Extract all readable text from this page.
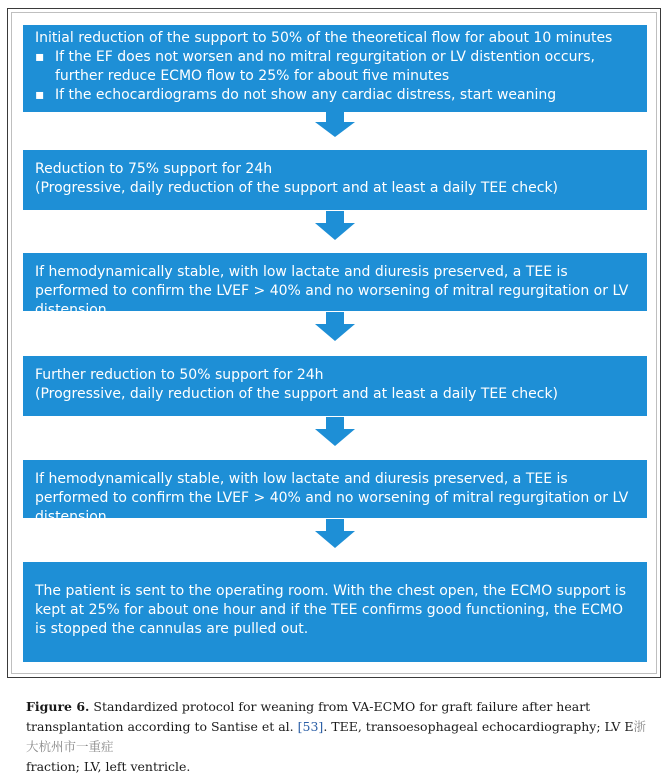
Initial reduction of the support to 50% of the theoretical flow for about 10 minutes
▪ If the EF does not worsen and no mitral regurgitation or LV distention occurs, further reduce ECMO flow to 25% for about five minutes
▪ If the echocardiograms do not show any cardiac distress, start weaning
Reduction to 75% support for 24h
(Progressive, daily reduction of the support and at least a daily TEE check)
If hemodynamically stable, with low lactate and diuresis preserved, a TEE is performed to confirm the LVEF > 40% and no worsening of mitral regurgitation or LV distension
Further reduction to 50% support for 24h
(Progressive, daily reduction of the support and at least a daily TEE check)
If hemodynamically stable, with low lactate and diuresis preserved, a TEE is performed to confirm the LVEF > 40% and no worsening of mitral regurgitation or LV distension.
The patient is sent to the operating room. With the chest open, the ECMO support is kept at 25% for about one hour and if the TEE confirms good functioning, the ECMO is stopped the cannulas are pulled out.
Figure 6. Standardized protocol for weaning from VA-ECMO for graft failure after heart transplantation according to Santise et al. [53]. TEE, transoesophageal echocardiography; LV E浙大杭州市一重症
fraction; LV, left ventricle.
